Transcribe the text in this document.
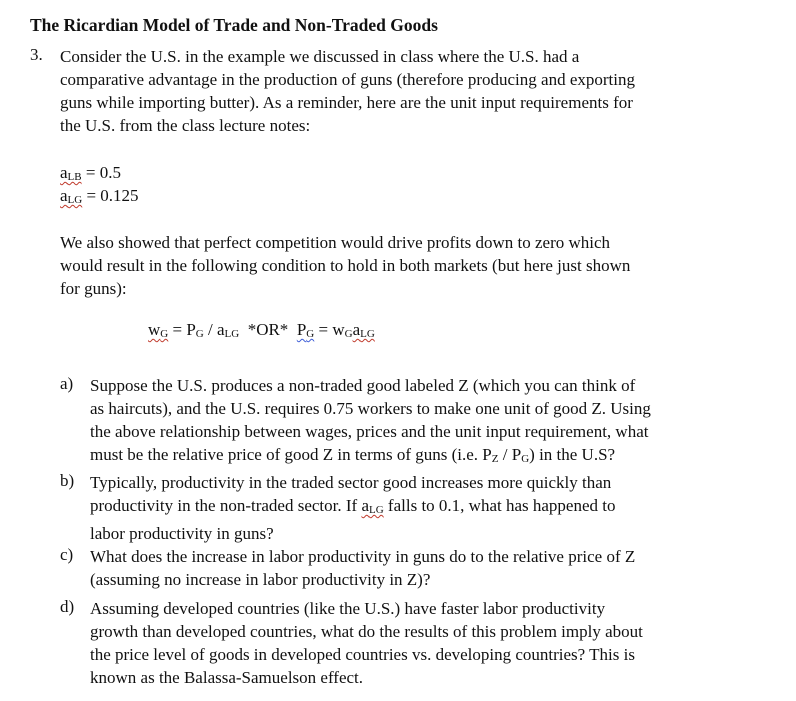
The Ricardian Model of Trade and Non-Traded Goods
3. Consider the U.S. in the example we discussed in class where the U.S. had a
comparative advantage in the production of guns (therefore producing and exporting
guns while importing butter). As a reminder, here are the unit input requirements for
the U.S. from the class lecture notes:
aLB = 0.5
aLG = 0.125
We also showed that perfect competition would drive profits down to zero which
would result in the following condition to hold in both markets (but here just shown
for guns):
wG = PG / aLG  *OR*  PG = wGaLG
a) Suppose the U.S. produces a non-traded good labeled Z (which you can think of
as haircuts), and the U.S. requires 0.75 workers to make one unit of good Z. Using
the above relationship between wages, prices and the unit input requirement, what
must be the relative price of good Z in terms of guns (i.e. PZ / PG) in the U.S?
b) Typically, productivity in the traded sector good increases more quickly than
productivity in the non-traded sector. If aLG falls to 0.1, what has happened to
labor productivity in guns?
c) What does the increase in labor productivity in guns do to the relative price of Z
(assuming no increase in labor productivity in Z)?
d) Assuming developed countries (like the U.S.) have faster labor productivity
growth than developed countries, what do the results of this problem imply about
the price level of goods in developed countries vs. developing countries? This is
known as the Balassa-Samuelson effect.
